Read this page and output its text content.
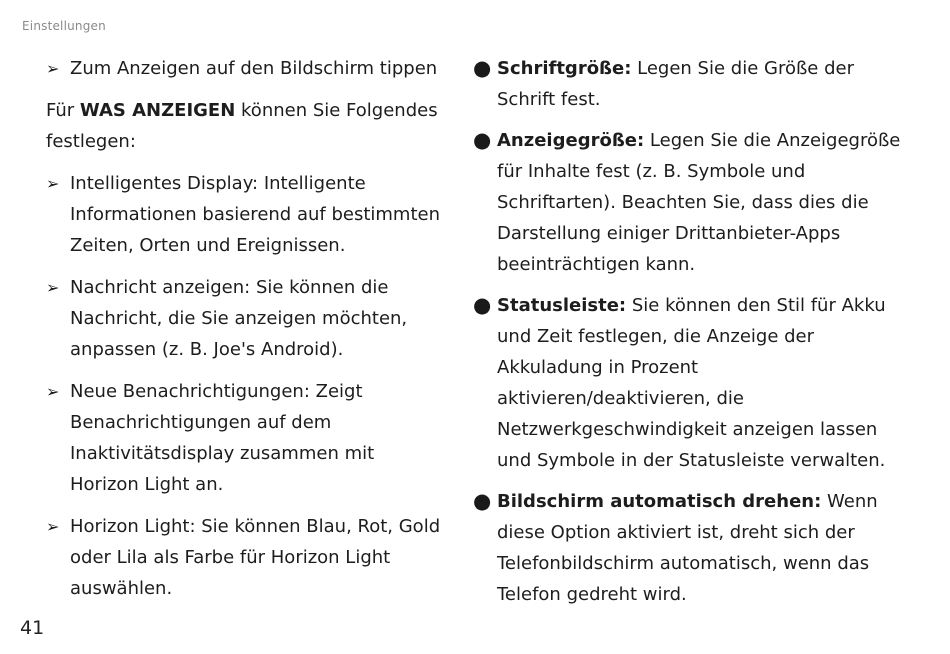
Einstellungen
➢ Zum Anzeigen auf den Bildschirm tippen
Für WAS ANZEIGEN können Sie Folgendes festlegen:
➢ Intelligentes Display: Intelligente Informationen basierend auf bestimmten Zeiten, Orten und Ereignissen.
➢ Nachricht anzeigen: Sie können die Nachricht, die Sie anzeigen möchten, anpassen (z. B. Joe's Android).
➢ Neue Benachrichtigungen: Zeigt Benachrichtigungen auf dem Inaktivitätsdisplay zusammen mit Horizon Light an.
➢ Horizon Light: Sie können Blau, Rot, Gold oder Lila als Farbe für Horizon Light auswählen.
● Schriftgröße: Legen Sie die Größe der Schrift fest.
● Anzeigegröße: Legen Sie die Anzeigegröße für Inhalte fest (z. B. Symbole und Schriftarten). Beachten Sie, dass dies die Darstellung einiger Drittanbieter-Apps beeinträchtigen kann.
● Statusleiste: Sie können den Stil für Akku und Zeit festlegen, die Anzeige der Akkuladung in Prozent aktivieren/deaktivieren, die Netzwerkgeschwindigkeit anzeigen lassen und Symbole in der Statusleiste verwalten.
● Bildschirm automatisch drehen: Wenn diese Option aktiviert ist, dreht sich der Telefonbildschirm automatisch, wenn das Telefon gedreht wird.
41
